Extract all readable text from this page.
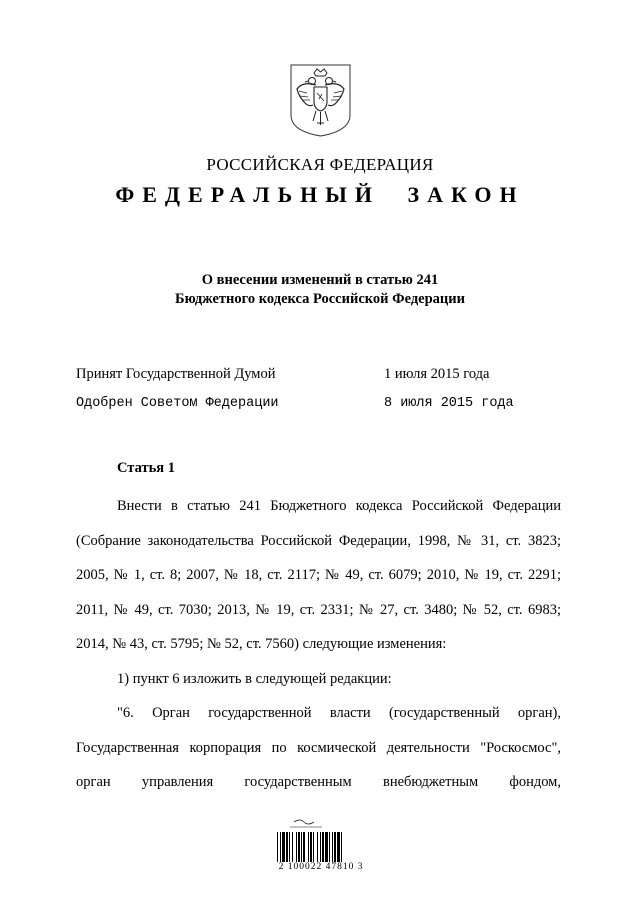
РОССИЙСКАЯ ФЕДЕРАЦИЯ
ФЕДЕРАЛЬНЫЙ ЗАКОН
О внесении изменений в статью 241
Бюджетного кодекса Российской Федерации
Принят Государственной Думой	1 июля 2015 года
Одобрен Советом Федерации	8 июля 2015 года
Статья 1
Внести в статью 241 Бюджетного кодекса Российской Федерации
(Собрание законодательства Российской Федерации, 1998, № 31, ст. 3823;
2005, № 1, ст. 8; 2007, № 18, ст. 2117; № 49, ст. 6079; 2010, № 19, ст. 2291;
2011, № 49, ст. 7030; 2013, № 19, ст. 2331; № 27, ст. 3480; № 52, ст. 6983;
2014, № 43, ст. 5795; № 52, ст. 7560) следующие изменения:
1) пункт 6 изложить в следующей редакции:
"6. Орган государственной власти (государственный орган),
Государственная корпорация по космической деятельности "Роскосмос",
орган управления государственным внебюджетным фондом,
2 100022 47810 3
